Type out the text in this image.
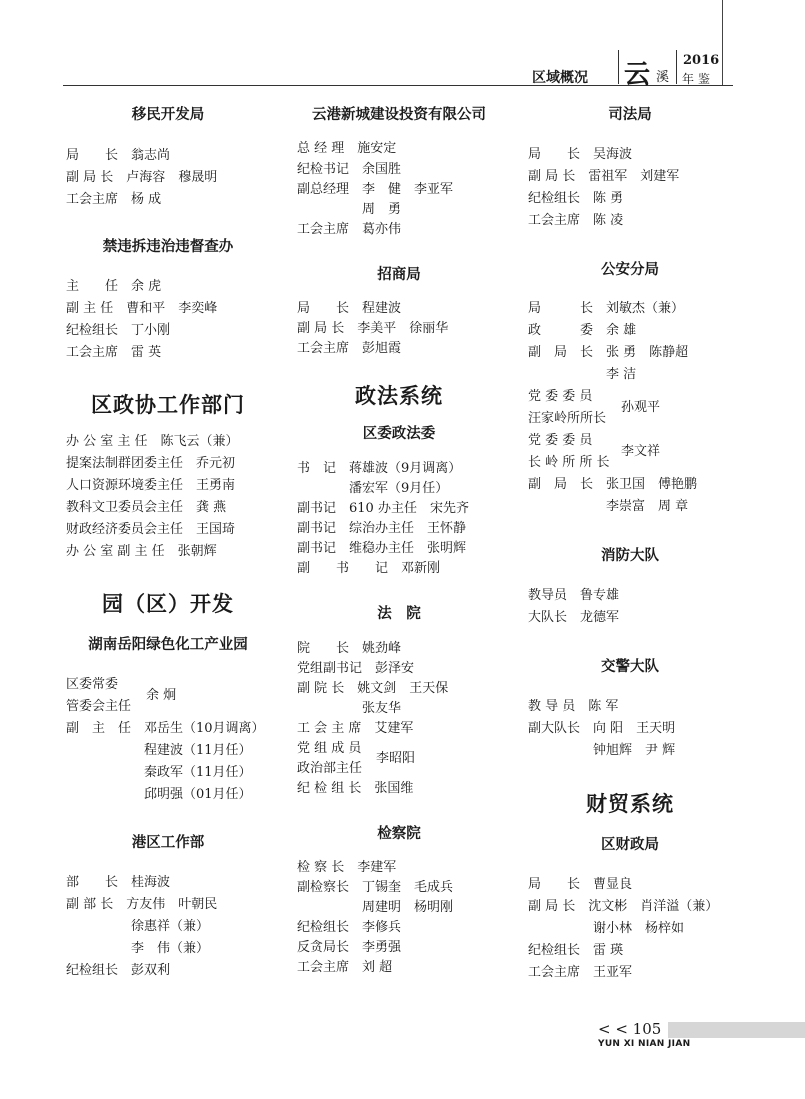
区域概况 云 溪
2016
年鉴
移民开发局
局　　长　翁志尚
副 局 长　卢海容　穆晟明
工会主席　杨 成
禁违拆违治违督查办
主　　任　余 虎
副 主 任　曹和平　李奕峰
纪检组长　丁小刚
工会主席　雷 英
区政协工作部门
办 公 室 主 任　陈飞云（兼）
提案法制群团委主任　乔元初
人口资源环境委主任　王勇南
教科文卫委员会主任　龚 燕
财政经济委员会主任　王国琦
办 公 室 副 主 任　张朝辉
园（区）开发
湖南岳阳绿色化工产业园
区委常委
管委会主任
余 炯
副　主　任　邓岳生（10月调离）
　　　　　　程建波（11月任）
　　　　　　秦政军（11月任）
　　　　　　邱明强（01月任）
港区工作部
部　　长　桂海波
副 部 长　方友伟　叶朝民
　　　　　徐惠祥（兼）
　　　　　李　伟（兼）
纪检组长　彭双利
云港新城建设投资有限公司
总 经 理　施安定
纪检书记　余国胜
副总经理　李　健　李亚军
　　　　　周　勇
工会主席　葛亦伟
招商局
局　　长　程建波
副 局 长　李美平　徐丽华
工会主席　彭旭霞
政法系统
区委政法委
书　记　蒋雄波（9月调离）
　　　　潘宏军（9月任）
副书记　610 办主任　宋先齐
副书记　综治办主任　王怀静
副书记　维稳办主任　张明辉
副　　书　　记　邓新刚
法　院
院　　长　姚劲峰
党组副书记　彭泽安
副 院 长　姚文剑　王天保
　　　　　张友华
工 会 主 席　艾建军
党 组 成 员
政治部主任
李昭阳
纪 检 组 长　张国维
检察院
检 察 长　李建军
副检察长　丁锡奎　毛成兵
　　　　　周建明　杨明刚
纪检组长　李修兵
反贪局长　李勇强
工会主席　刘 超
司法局
局　　长　吴海波
副 局 长　雷祖军　刘建军
纪检组长　陈 勇
工会主席　陈 凌
公安分局
局　　　长　刘敏杰（兼）
政　　　委　余 雄
副　局　长　张 勇　陈静超
　　　　　　李 洁
党 委 委 员
汪家岭所所长
孙观平
党 委 委 员
长 岭 所 所 长
李文祥
副　局　长　张卫国　傅艳鹏
　　　　　　李崇富　周 章
消防大队
教导员　鲁专雄
大队长　龙德军
交警大队
教 导 员　陈 军
副大队长　向 阳　王天明
　　　　　钟旭辉　尹 辉
财贸系统
区财政局
局　　长　曹显良
副 局 长　沈文彬　肖洋溢（兼）
　　　　　谢小林　杨梓如
纪检组长　雷 瑛
工会主席　王亚军
< < 105
YUN XI NIAN JIAN
